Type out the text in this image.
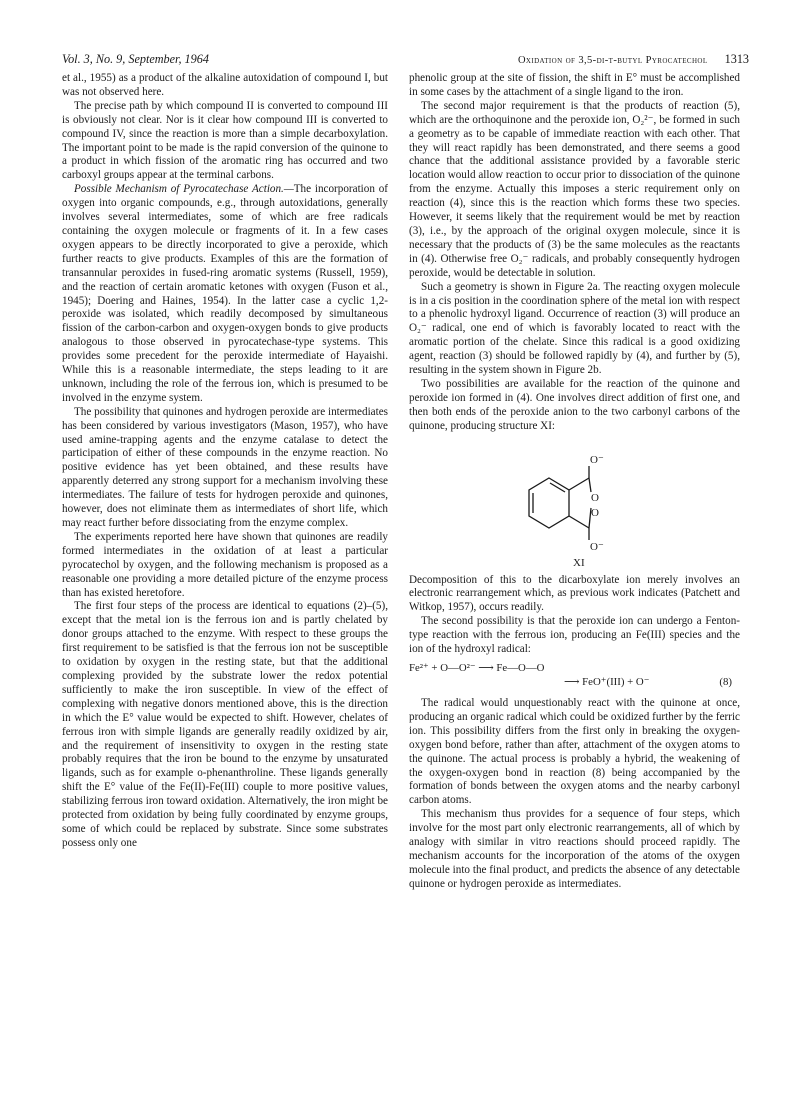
Vol. 3, No. 9, September, 1964	Oxidation of 3,5-di-t-butyl Pyrocatechol 1313

et al., 1955) as a product of the alkaline autoxidation of compound I, but was not observed here.

The precise path by which compound II is converted to compound III is obviously not clear. Nor is it clear how compound III is converted to compound IV, since the reaction is more than a simple decarboxylation. The important point to be made is the rapid conversion of the quinone to a product in which fission of the aromatic ring has occurred and two carboxyl groups appear at the terminal carbons.

Possible Mechanism of Pyrocatechase Action.—The incorporation of oxygen into organic compounds, e.g., through autoxidations, generally involves several intermediates, some of which are free radicals containing the oxygen molecule or fragments of it. In a few cases oxygen appears to be directly incorporated to give a peroxide, which further reacts to give products. Examples of this are the formation of transannular peroxides in fused-ring aromatic systems (Russell, 1959), and the reaction of certain aromatic ketones with oxygen (Fuson et al., 1945); Doering and Haines, 1954). In the latter case a cyclic 1,2-peroxide was isolated, which readily decomposed by simultaneous fission of the carbon-carbon and oxygen-oxygen bonds to give products analogous to those observed in pyrocatechase-type systems. This provides some precedent for the peroxide intermediate of Hayaishi. While this is a reasonable intermediate, the steps leading to it are unknown, including the role of the ferrous ion, which is presumed to be involved in the enzyme system.

The possibility that quinones and hydrogen peroxide are intermediates has been considered by various investigators (Mason, 1957), who have used amine-trapping agents and the enzyme catalase to detect the participation of either of these compounds in the enzyme reaction. No positive evidence has yet been obtained, and these results have apparently deterred any strong support for a mechanism involving these intermediates. The failure of tests for hydrogen peroxide and quinones, however, does not eliminate them as intermediates of short life, which may react further before dissociating from the enzyme complex.

The experiments reported here have shown that quinones are readily formed intermediates in the oxidation of at least a particular pyrocatechol by oxygen, and the following mechanism is proposed as a reasonable one providing a more detailed picture of the enzyme process than has existed heretofore.

The first four steps of the process are identical to equations (2)–(5), except that the metal ion is the ferrous ion and is partly chelated by donor groups attached to the enzyme. With respect to these groups the first requirement to be satisfied is that the ferrous ion not be susceptible to oxidation by oxygen in the resting state, but that the additional complexing provided by the substrate lower the redox potential sufficiently to make the iron susceptible. In view of the effect of complexing with negative donors mentioned above, this is the direction in which the E° value would be expected to shift. However, chelates of ferrous iron with simple ligands are generally readily oxidized by air, and the requirement of insensitivity to oxygen in the resting state probably requires that the iron be bound to the enzyme by unsaturated ligands, such as for example o-phenanthroline. These ligands generally shift the E° value of the Fe(II)-Fe(III) couple to more positive values, stabilizing ferrous iron toward oxidation. Alternatively, the iron might be protected from oxidation by being fully coordinated by enzyme groups, some of which could be replaced by substrate. Since some substrates possess only one

phenolic group at the site of fission, the shift in E° must be accomplished in some cases by the attachment of a single ligand to the iron.

The second major requirement is that the products of reaction (5), which are the orthoquinone and the peroxide ion, O₂²⁻, be formed in such a geometry as to be capable of immediate reaction with each other. That they will react rapidly has been demonstrated, and there seems a good chance that the additional assistance provided by a favorable steric location would allow reaction to occur prior to dissociation of the quinone from the enzyme. Actually this imposes a steric requirement only on reaction (4), since this is the reaction which forms these two species. However, it seems likely that the requirement would be met by reaction (3), i.e., by the approach of the original oxygen molecule, since it is necessary that the products of (3) be the same molecules as the reactants in (4). Otherwise free O₂⁻ radicals, and probably consequently hydrogen peroxide, would be detectable in solution.

Such a geometry is shown in Figure 2a. The reacting oxygen molecule is in a cis position in the coordination sphere of the metal ion with respect to a phenolic hydroxyl ligand. Occurrence of reaction (3) will produce an O₂⁻ radical, one end of which is favorably located to react with the aromatic portion of the chelate. Since this radical is a good oxidizing agent, reaction (3) should be followed rapidly by (4), and further by (5), resulting in the system shown in Figure 2b.

Two possibilities are available for the reaction of the quinone and peroxide ion formed in (4). One involves direct addition of first one, and then both ends of the peroxide anion to the two carbonyl carbons of the quinone, producing structure XI:

O⁻
O
O
O⁻
XI

Decomposition of this to the dicarboxylate ion merely involves an electronic rearrangement which, as previous work indicates (Patchett and Witkop, 1957), occurs readily.

The second possibility is that the peroxide ion can undergo a Fenton-type reaction with the ferrous ion, producing an Fe(III) species and the ion of the hydroxyl radical:

Fe²⁺ + O—O²⁻ ⟶ Fe—O—O
⟶ FeO⁺(III) + O⁻	(8)

The radical would unquestionably react with the quinone at once, producing an organic radical which could be oxidized further by the ferric ion. This possibility differs from the first only in breaking the oxygen-oxygen bond before, rather than after, attachment of the oxygen atoms to the quinone. The actual process is probably a hybrid, the weakening of the oxygen-oxygen bond in reaction (8) being accompanied by the formation of bonds between the oxygen atoms and the nearby carbonyl carbon atoms.

This mechanism thus provides for a sequence of four steps, which involve for the most part only electronic rearrangements, all of which by analogy with similar in vitro reactions should proceed rapidly. The mechanism accounts for the incorporation of the atoms of the oxygen molecule into the final product, and predicts the absence of any detectable quinone or hydrogen peroxide as intermediates.
